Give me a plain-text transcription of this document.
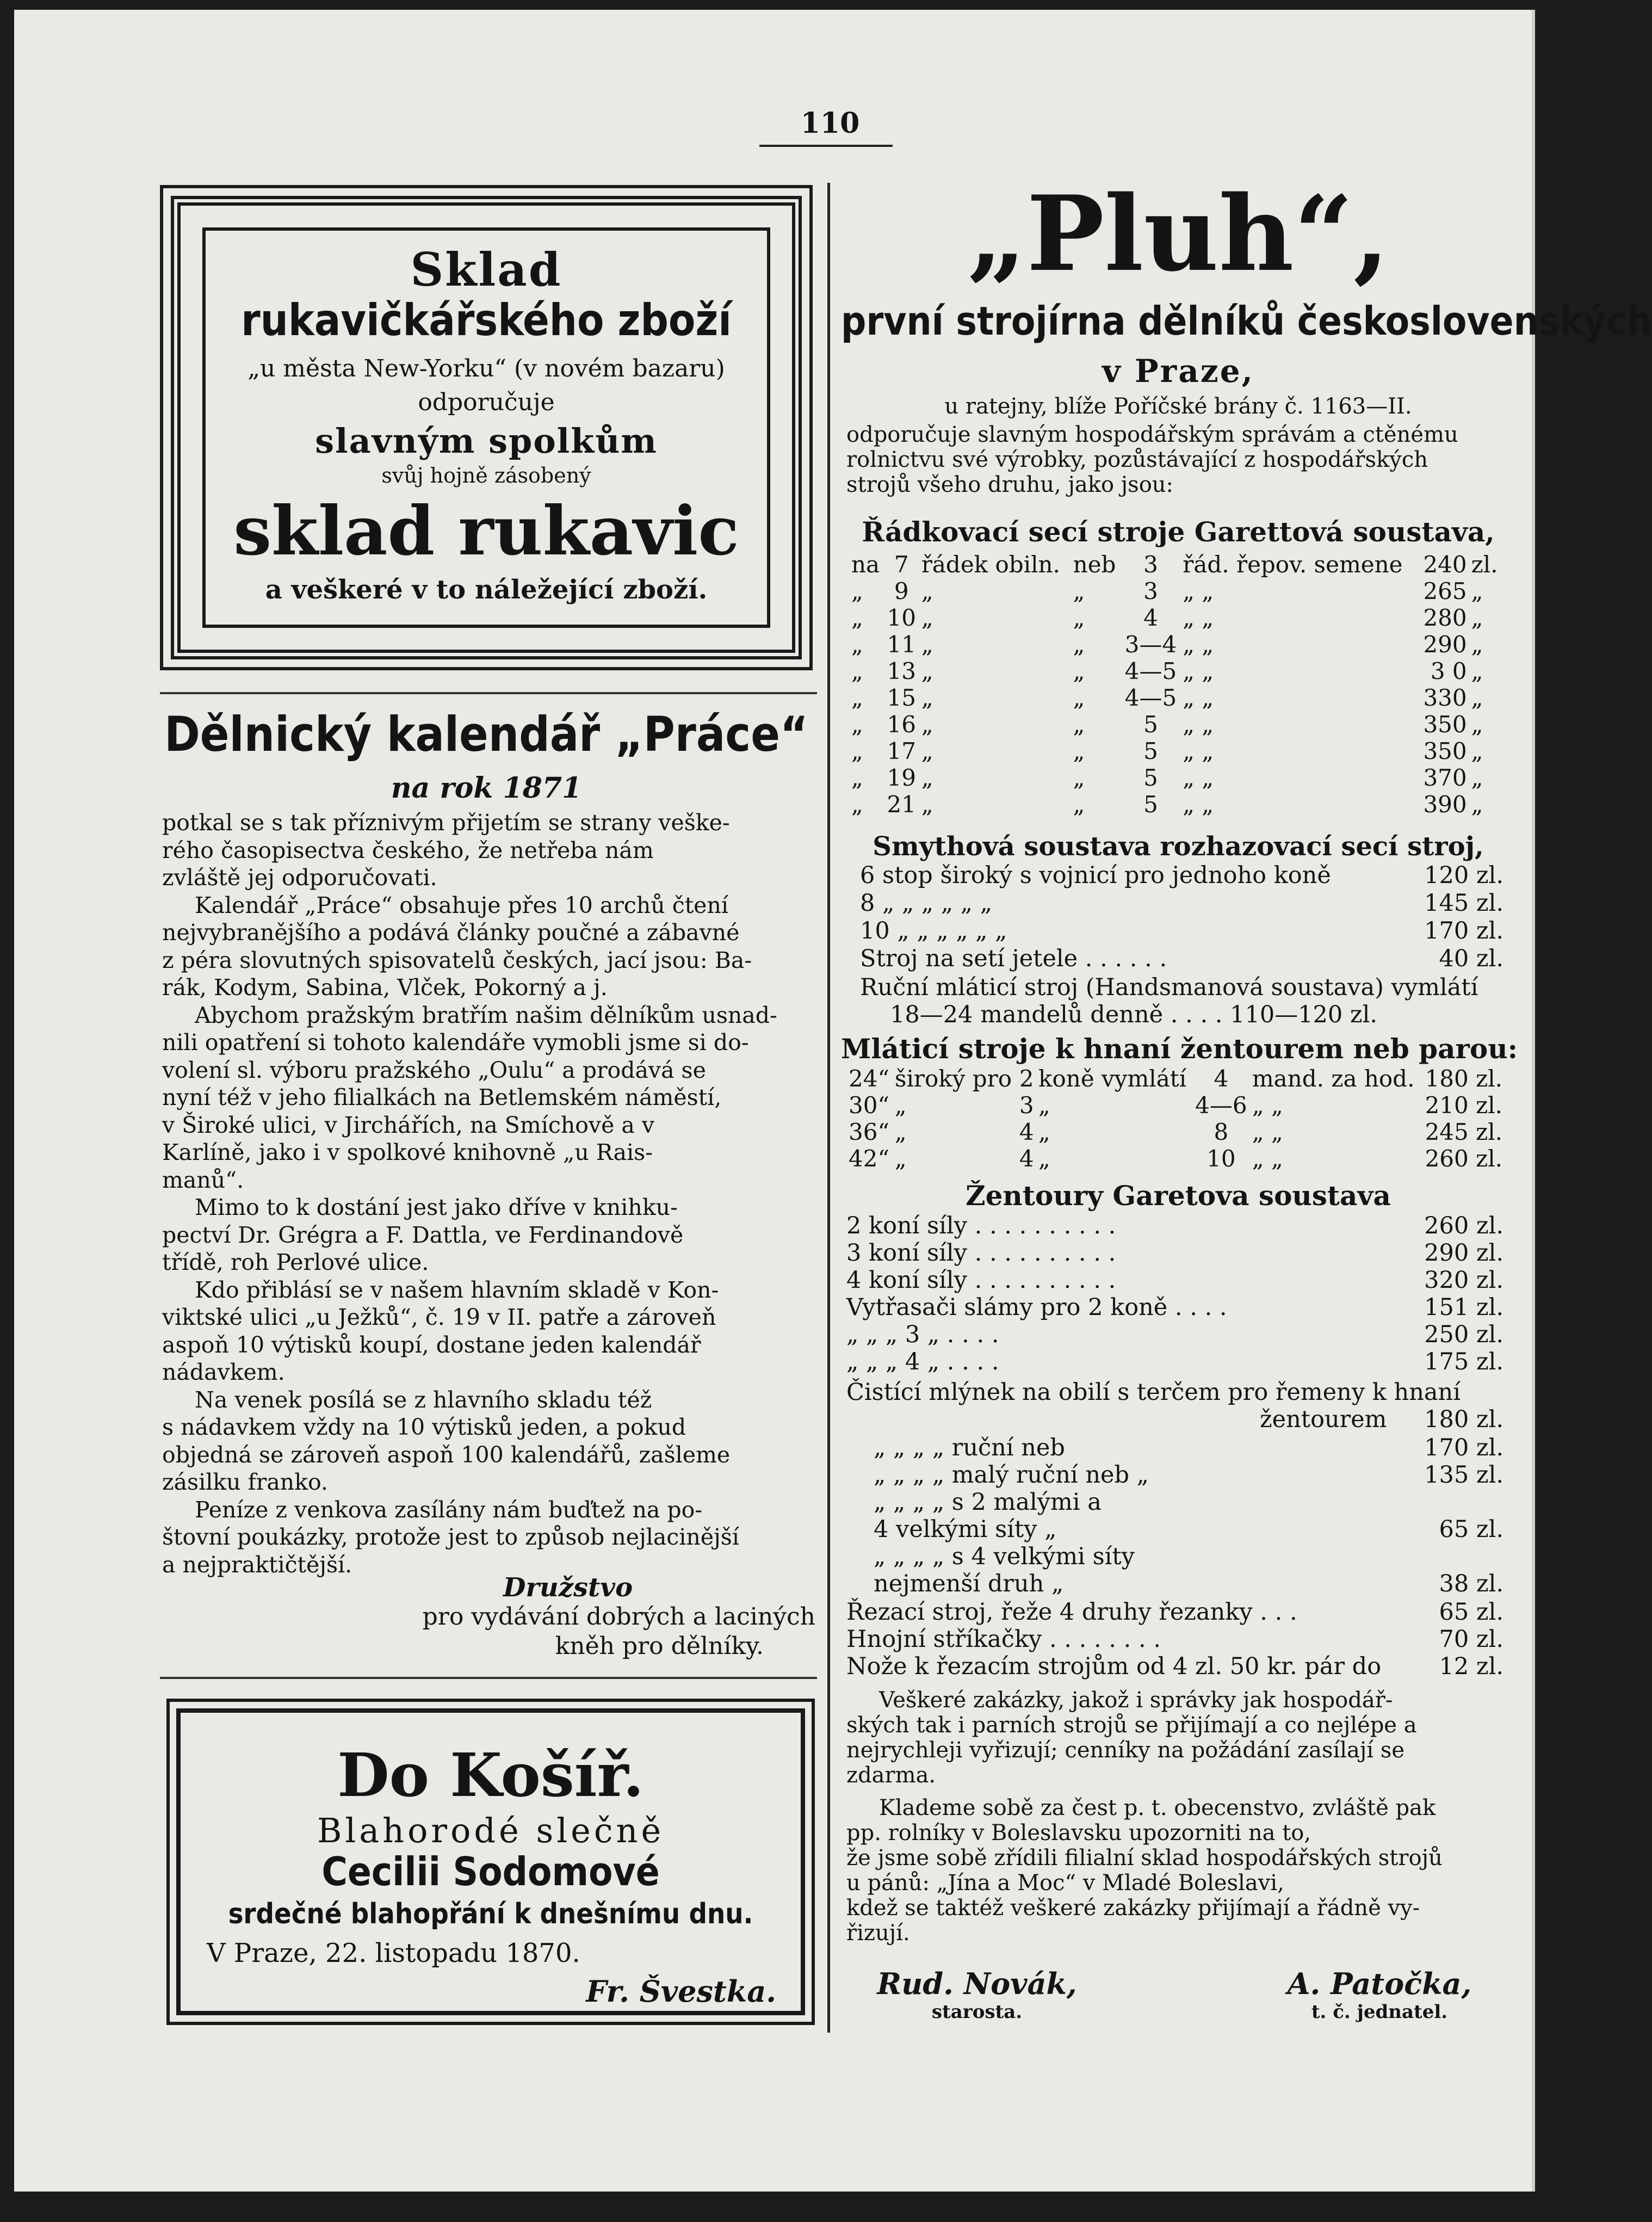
110
Sklad
rukavičkářského zboží
„u města New-Yorku“ (v novém bazaru)
odporučuje
slavným spolkům
svůj hojně zásobený
sklad rukavic
a veškeré v to náležející zboží.
Dělnický kalendář „Práce“
na rok 1871
potkal se s tak příznivým přijetím se strany veške-
rého časopisectva českého, že netřeba nám
zvláště jej odporučovati.
Kalendář „Práce“ obsahuje přes 10 archů čtení
nejvybranějšího a podává články poučné a zábavné
z péra slovutných spisovatelů českých, jací jsou: Ba-
rák, Kodym, Sabina, Vlček, Pokorný a j.
Abychom pražským bratřím našim dělníkům usnad-
nili opatření si tohoto kalendáře vymobli jsme si do-
volení sl. výboru pražského „Oulu“ a prodává se
nyní též v jeho filialkách na Betlemském náměstí,
v Široké ulici, v Jirchářích, na Smíchově a v
Karlíně, jako i v spolkové knihovně „u Rais-
manů“.
Mimo to k dostání jest jako dříve v knihku-
pectví Dr. Grégra a F. Dattla, ve Ferdinandově
třídě, roh Perlové ulice.
Kdo přiblásí se v našem hlavním skladě v Kon-
viktské ulici „u Ježků“, č. 19 v II. patře a zároveň
aspoň 10 výtisků koupí, dostane jeden kalendář
nádavkem.
Na venek posílá se z hlavního skladu též
s nádavkem vždy na 10 výtisků jeden, a pokud
objedná se zároveň aspoň 100 kalendářů, zašleme
zásilku franko.
Peníze z venkova zasílány nám buďtež na po-
štovní poukázky, protože jest to způsob nejlacinější
a nejpraktičtější.
Družstvo
pro vydávání dobrých a laciných
kněh pro dělníky.
Do Košíř.
Blahorodé slečně
Cecilii Sodomové
srdečné blahopřání k dnešnímu dnu.
V Praze, 22. listopadu 1870.
Fr. Švestka.
„Pluh“,
první strojírna dělníků československých
v Praze,
u ratejny, blíže Poříčské brány č. 1163—II.
odporučuje slavným hospodářským správám a ctěnému
rolnictvu své výrobky, pozůstávající z hospodářských
strojů všeho druhu, jako jsou:
Řádkovací secí stroje Garettová soustava,
na	7	řádek obiln.	neb	3	řád. řepov. semene	240	zl.
„	9	„	„	3	„ „	265	„
„	10	„	„	4	„ „	280	„
„	11	„	„	3—4	„ „	290	„
„	13	„	„	4—5	„ „	3 0	„
„	15	„	„	4—5	„ „	330	„
„	16	„	„	5	„ „	350	„
„	17	„	„	5	„ „	350	„
„	19	„	„	5	„ „	370	„
„	21	„	„	5	„ „	390	„
Smythová soustava rozhazovací secí stroj,
6 stop široký s vojnicí pro jednoho koně	120 zl.
8 „ „ „ „ „ „	145 zl.
10 „ „ „ „ „ „	170 zl.
Stroj na setí jetele . . . . . .	40 zl.
Ruční mláticí stroj (Handsmanová soustava) vymlátí
18—24 mandelů denně . . . . 110—120 zl.
Mláticí stroje k hnaní žentourem neb parou:
24“	široký pro	2	koně vymlátí	4	mand. za hod.	180 zl.
30“	„	3	„	4—6	„ „	210 zl.
36“	„	4	„	8	„ „	245 zl.
42“	„	4	„	10	„ „	260 zl.
Žentoury Garetova soustava
2 koní síly . . . . . . . . . .	260 zl.
3 koní síly . . . . . . . . . .	290 zl.
4 koní síly . . . . . . . . . .	320 zl.
Vytřasači slámy pro 2 koně . . . .	151 zl.
„ „ „ 3 „ . . . .	250 zl.
„ „ „ 4 „ . . . .	175 zl.
Čistící mlýnek na obilí s terčem pro řemeny k hnaní
žentourem	180 zl.
„ „ „ „ ruční neb	170 zl.
„ „ „ „ malý ruční neb „	135 zl.
„ „ „ „ s 2 malými a
4 velkými síty „	65 zl.
„ „ „ „ s 4 velkými síty
nejmenší druh „	38 zl.
Řezací stroj, řeže 4 druhy řezanky . . .	65 zl.
Hnojní stříkačky . . . . . . . .	70 zl.
Nože k řezacím strojům od 4 zl. 50 kr. pár do	12 zl.
Veškeré zakázky, jakož i správky jak hospodář-
ských tak i parních strojů se přijímají a co nejlépe a
nejrychleji vyřizují; cenníky na požádání zasílají se
zdarma.
Klademe sobě za čest p. t. obecenstvo, zvláště pak
pp. rolníky v Boleslavsku upozorniti na to,
že jsme sobě zřídili filialní sklad hospodářských strojů
u pánů: „Jína a Moc“ v Mladé Boleslavi,
kdež se taktéž veškeré zakázky přijímají a řádně vy-
řizují.
Rud. Novák,
starosta.
A. Patočka,
t. č. jednatel.
